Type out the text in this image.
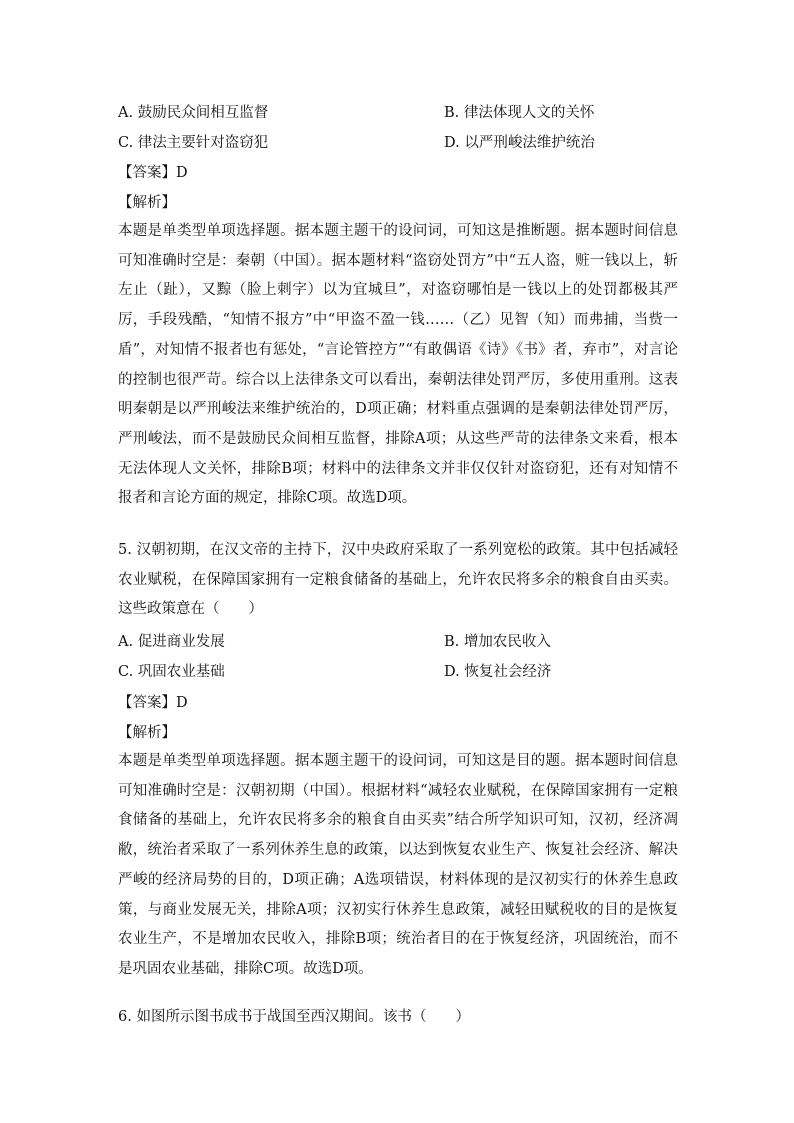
A. 鼓励民众间相互监督	B. 律法体现人文的关怀
C. 律法主要针对盗窃犯	D. 以严刑峻法维护统治
【答案】D
【解析】
本题是单类型单项选择题。据本题主题干的设问词，可知这是推断题。据本题时间信息可知准确时空是：秦朝（中国）。据本题材料“盗窃处罚方”中“五人盗，赃一钱以上，斩左止（趾），又黥（脸上刺字）以为宜城旦”，对盗窃哪怕是一钱以上的处罚都极其严厉，手段残酷，“知情不报方”中“甲盗不盈一钱……（乙）见智（知）而弗捕，当赀一盾”，对知情不报者也有惩处，“言论管控方”“有敢偶语《诗》《书》者，弃市”，对言论的控制也很严苛。综合以上法律条文可以看出，秦朝法律处罚严厉，多使用重刑。这表明秦朝是以严刑峻法来维护统治的，D项正确；材料重点强调的是秦朝法律处罚严厉，严刑峻法，而不是鼓励民众间相互监督，排除A项；从这些严苛的法律条文来看，根本无法体现人文关怀，排除B项；材料中的法律条文并非仅仅针对盗窃犯，还有对知情不报者和言论方面的规定，排除C项。故选D项。
5. 汉朝初期，在汉文帝的主持下，汉中央政府采取了一系列宽松的政策。其中包括减轻农业赋税，在保障国家拥有一定粮食储备的基础上，允许农民将多余的粮食自由买卖。这些政策意在（　　）
A. 促进商业发展	B. 增加农民收入
C. 巩固农业基础	D. 恢复社会经济
【答案】D
【解析】
本题是单类型单项选择题。据本题主题干的设问词，可知这是目的题。据本题时间信息可知准确时空是：汉朝初期（中国）。根据材料“减轻农业赋税，在保障国家拥有一定粮食储备的基础上，允许农民将多余的粮食自由买卖”结合所学知识可知，汉初，经济凋敝，统治者采取了一系列休养生息的政策，以达到恢复农业生产、恢复社会经济、解决严峻的经济局势的目的，D项正确；A选项错误，材料体现的是汉初实行的休养生息政策，与商业发展无关，排除A项；汉初实行休养生息政策，减轻田赋税收的目的是恢复农业生产，不是增加农民收入，排除B项；统治者目的在于恢复经济，巩固统治，而不是巩固农业基础，排除C项。故选D项。
6. 如图所示图书成书于战国至西汉期间。该书（　　）
